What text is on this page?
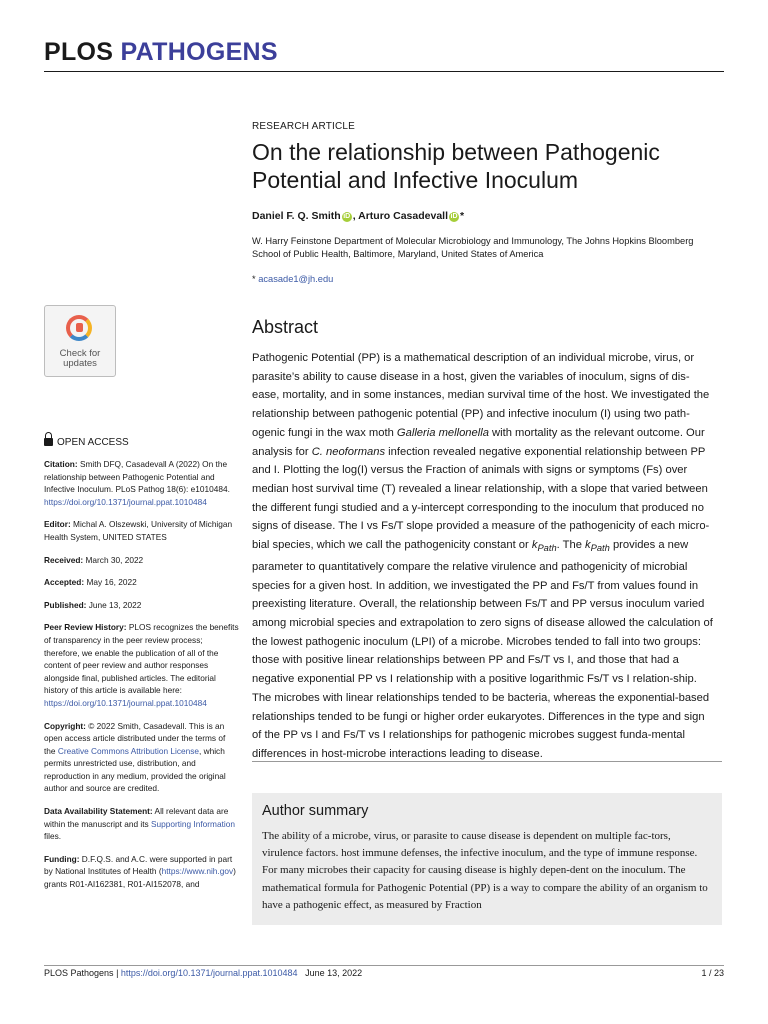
PLOS PATHOGENS
RESEARCH ARTICLE
On the relationship between Pathogenic Potential and Infective Inoculum
Daniel F. Q. Smith iD , Arturo Casadevall iD *
W. Harry Feinstone Department of Molecular Microbiology and Immunology, The Johns Hopkins Bloomberg School of Public Health, Baltimore, Maryland, United States of America
* acasade1@jh.edu
Check for
updates
OPEN ACCESS

Citation: Smith DFQ, Casadevall A (2022) On the relationship between Pathogenic Potential and Infective Inoculum. PLoS Pathog 18(6): e1010484. https://doi.org/10.1371/journal.ppat.1010484

Editor: Michal A. Olszewski, University of Michigan Health System, UNITED STATES

Received: March 30, 2022

Accepted: May 16, 2022

Published: June 13, 2022

Peer Review History: PLOS recognizes the benefits of transparency in the peer review process; therefore, we enable the publication of all of the content of peer review and author responses alongside final, published articles. The editorial history of this article is available here: https://doi.org/10.1371/journal.ppat.1010484

Copyright: © 2022 Smith, Casadevall. This is an open access article distributed under the terms of the Creative Commons Attribution License, which permits unrestricted use, distribution, and reproduction in any medium, provided the original author and source are credited.

Data Availability Statement: All relevant data are within the manuscript and its Supporting Information files.

Funding: D.F.Q.S. and A.C. were supported in part by National Institutes of Health (https://www.nih.gov) grants R01-AI162381, R01-AI152078, and

Abstract

Pathogenic Potential (PP) is a mathematical description of an individual microbe, virus, or parasite’s ability to cause disease in a host, given the variables of inoculum, signs of dis-ease, mortality, and in some instances, median survival time of the host. We investigated the relationship between pathogenic potential (PP) and infective inoculum (I) using two path-ogenic fungi in the wax moth Galleria mellonella with mortality as the relevant outcome. Our analysis for C. neoformans infection revealed negative exponential relationship between PP and I. Plotting the log(I) versus the Fraction of animals with signs or symptoms (Fs) over median host survival time (T) revealed a linear relationship, with a slope that varied between the different fungi studied and a y-intercept corresponding to the inoculum that produced no signs of disease. The I vs Fs/T slope provided a measure of the pathogenicity of each micro-bial species, which we call the pathogenicity constant or $k_{Path}$. The $k_{Path}$ provides a new parameter to quantitatively compare the relative virulence and pathogenicity of microbial species for a given host. In addition, we investigated the PP and Fs/T from values found in preexisting literature. Overall, the relationship between Fs/T and PP versus inoculum varied among microbial species and extrapolation to zero signs of disease allowed the calculation of the lowest pathogenic inoculum (LPI) of a microbe. Microbes tended to fall into two groups: those with positive linear relationships between PP and Fs/T vs I, and those that had a negative exponential PP vs I relationship with a positive logarithmic Fs/T vs I relation-ship. The microbes with linear relationships tended to be bacteria, whereas the exponential-based relationships tended to be fungi or higher order eukaryotes. Differences in the type and sign of the PP vs I and Fs/T vs I relationships for pathogenic microbes suggest funda-mental differences in host-microbe interactions leading to disease.

Author summary

The ability of a microbe, virus, or parasite to cause disease is dependent on multiple fac-tors, virulence factors. host immune defenses, the infective inoculum, and the type of immune response. For many microbes their capacity for causing disease is highly depen-dent on the inoculum. The mathematical formula for Pathogenic Potential (PP) is a way to compare the ability of an organism to have a pathogenic effect, as measured by Fraction

PLOS Pathogens | https://doi.org/10.1371/journal.ppat.1010484 June 13, 2022	1 / 23
